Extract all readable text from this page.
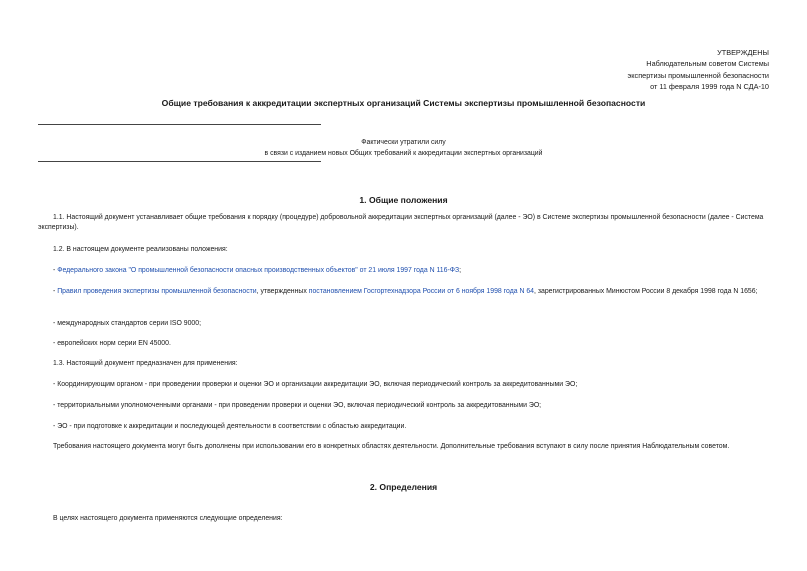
УТВЕРЖДЕНЫ
Наблюдательным советом Системы
экспертизы промышленной безопасности
от 11 февраля 1999 года N СДА-10
Общие требования к аккредитации экспертных организаций Системы экспертизы промышленной безопасности
Фактически утратили силу
в связи с изданием новых Общих требований к аккредитации экспертных организаций
1. Общие положения

1.1. Настоящий документ устанавливает общие требования к порядку (процедуре) добровольной аккредитации экспертных организаций (далее - ЭО) в Системе экспертизы промышленной безопасности (далее - Система экспертизы).

1.2. В настоящем документе реализованы положения:

- Федерального закона "О промышленной безопасности опасных производственных объектов" от 21 июля 1997 года N 116-ФЗ;

- Правил проведения экспертизы промышленной безопасности, утвержденных постановлением Госгортехнадзора России от 6 ноября 1998 года N 64, зарегистрированных Минюстом России 8 декабря 1998 года N 1656;

- международных стандартов серии ISO 9000;

- европейских норм серии EN 45000.

1.3. Настоящий документ предназначен для применения:

- Координирующим органом - при проведении проверки и оценки ЭО и организации аккредитации ЭО, включая периодический контроль за аккредитованными ЭО;

- территориальными уполномоченными органами - при проведении проверки и оценки ЭО, включая периодический контроль за аккредитованными ЭО;

- ЭО - при подготовке к аккредитации и последующей деятельности в соответствии с областью аккредитации.

Требования настоящего документа могут быть дополнены при использовании его в конкретных областях деятельности. Дополнительные требования вступают в силу после принятия Наблюдательным советом.

2. Определения

В целях настоящего документа применяются следующие определения:
